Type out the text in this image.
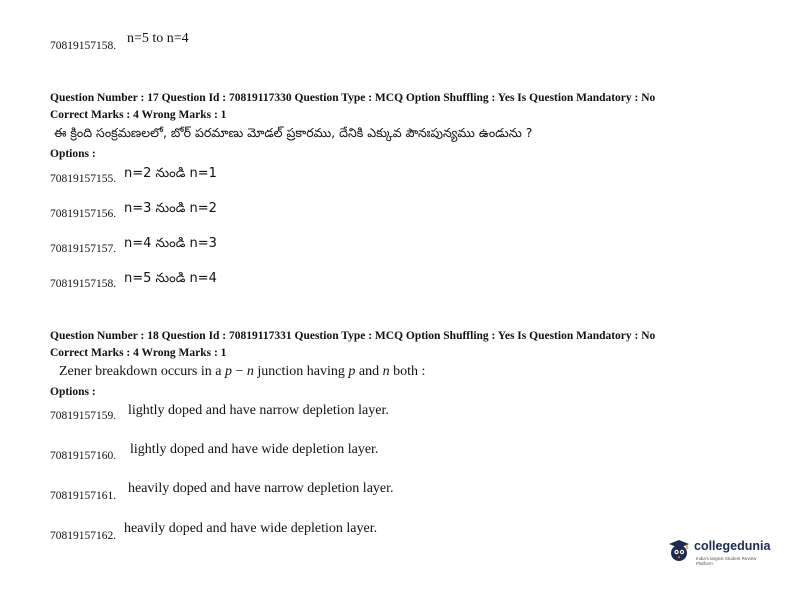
70819157158. n=5 to n=4
Question Number : 17 Question Id : 70819117330 Question Type : MCQ Option Shuffling : Yes Is Question Mandatory : No
Correct Marks : 4 Wrong Marks : 1
ఈ క్రింది సంక్రమణలలో, బోర్ పరమాణు మోడల్ ప్రకారము, దేనికి ఎక్కువ పౌనఃపున్యము ఉండును ?
Options :
70819157155. n=2 నుండి n=1
70819157156. n=3 నుండి n=2
70819157157. n=4 నుండి n=3
70819157158. n=5 నుండి n=4
Question Number : 18 Question Id : 70819117331 Question Type : MCQ Option Shuffling : Yes Is Question Mandatory : No
Correct Marks : 4 Wrong Marks : 1
Zener breakdown occurs in a p − n junction having p and n both :
Options :
70819157159. lightly doped and have narrow depletion layer.
70819157160. lightly doped and have wide depletion layer.
70819157161. heavily doped and have narrow depletion layer.
70819157162. heavily doped and have wide depletion layer.
collegedunia
India's largest Student Review Platform
